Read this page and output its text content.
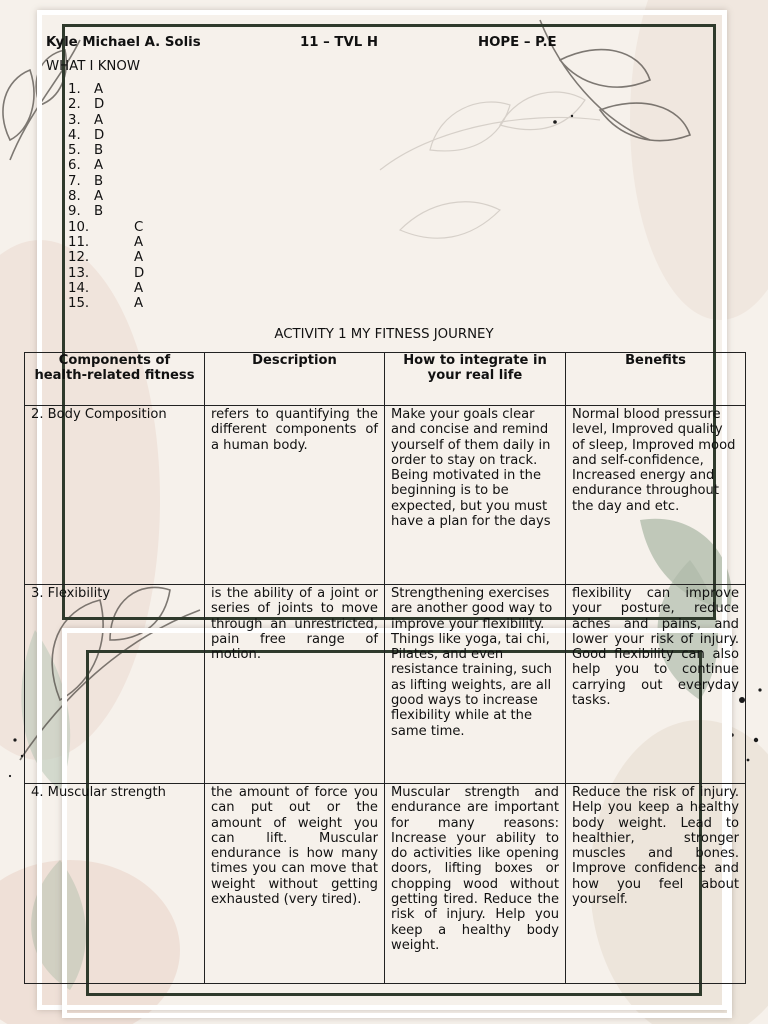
Kyle Michael A. Solis	11 – TVL H	HOPE – P.E
WHAT I KNOW
1. A
2. D
3. A
4. D
5. B
6. A
7. B
8. A
9. B
10.	C
11.	A
12.	A
13.	D
14.	A
15.	A
ACTIVITY 1 MY FITNESS JOURNEY
Components of health-related fitness	Description	How to integrate in your real life	Benefits
2. Body Composition	refers to quantifying the different components of a human body.	Make your goals clear and concise and remind yourself of them daily in order to stay on track. Being motivated in the beginning is to be expected, but you must have a plan for the days	Normal blood pressure level, Improved quality of sleep, Improved mood and self-confidence, Increased energy and endurance throughout the day and etc.
3. Flexibility	is the ability of a joint or series of joints to move through an unrestricted, pain free range of motion.	Strengthening exercises are another good way to improve your flexibility. Things like yoga, tai chi, Pilates, and even resistance training, such as lifting weights, are all good ways to increase flexibility while at the same time.	flexibility can improve your posture, reduce aches and pains, and lower your risk of injury. Good flexibility can also help you to continue carrying out everyday tasks.
4. Muscular strength	the amount of force you can put out or the amount of weight you can lift. Muscular endurance is how many times you can move that weight without getting exhausted (very tired).	Muscular strength and endurance are important for many reasons: Increase your ability to do activities like opening doors, lifting boxes or chopping wood without getting tired. Reduce the risk of injury. Help you keep a healthy body weight.	Reduce the risk of injury. Help you keep a healthy body weight. Lead to healthier, stronger muscles and bones. Improve confidence and how you feel about yourself.
